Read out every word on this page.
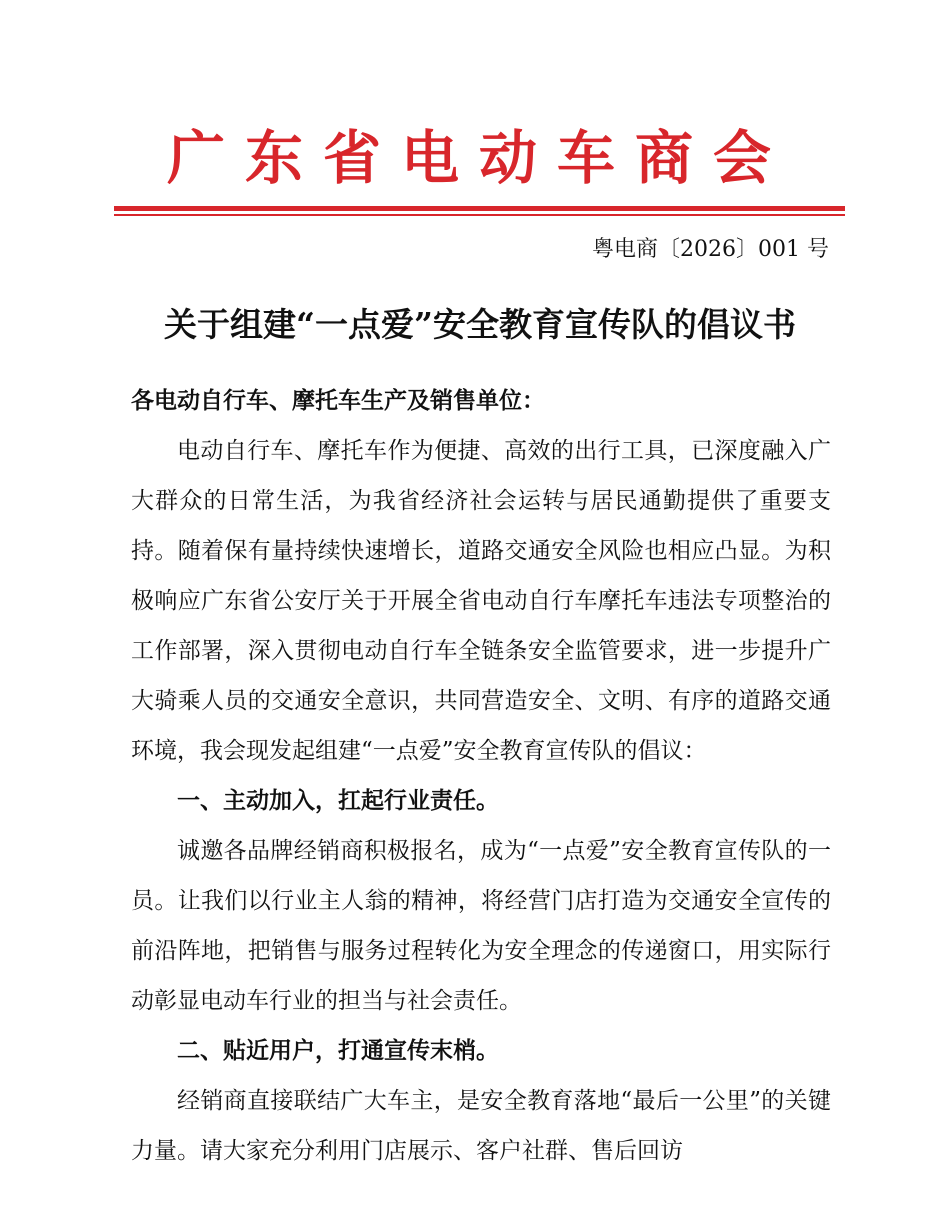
广东省电动车商会
粤电商〔2026〕001 号
关于组建“一点爱”安全教育宣传队的倡议书

各电动自行车、摩托车生产及销售单位：

电动自行车、摩托车作为便捷、高效的出行工具，已深度融入广大群众的日常生活，为我省经济社会运转与居民通勤提供了重要支持。随着保有量持续快速增长，道路交通安全风险也相应凸显。为积极响应广东省公安厅关于开展全省电动自行车摩托车违法专项整治的工作部署，深入贯彻电动自行车全链条安全监管要求，进一步提升广大骑乘人员的交通安全意识，共同营造安全、文明、有序的道路交通环境，我会现发起组建“一点爱”安全教育宣传队的倡议：

一、主动加入，扛起行业责任。

诚邀各品牌经销商积极报名，成为“一点爱”安全教育宣传队的一员。让我们以行业主人翁的精神，将经营门店打造为交通安全宣传的前沿阵地，把销售与服务过程转化为安全理念的传递窗口，用实际行动彰显电动车行业的担当与社会责任。

二、贴近用户，打通宣传末梢。

经销商直接联结广大车主，是安全教育落地“最后一公里”的关键力量。请大家充分利用门店展示、客户社群、售后回访
